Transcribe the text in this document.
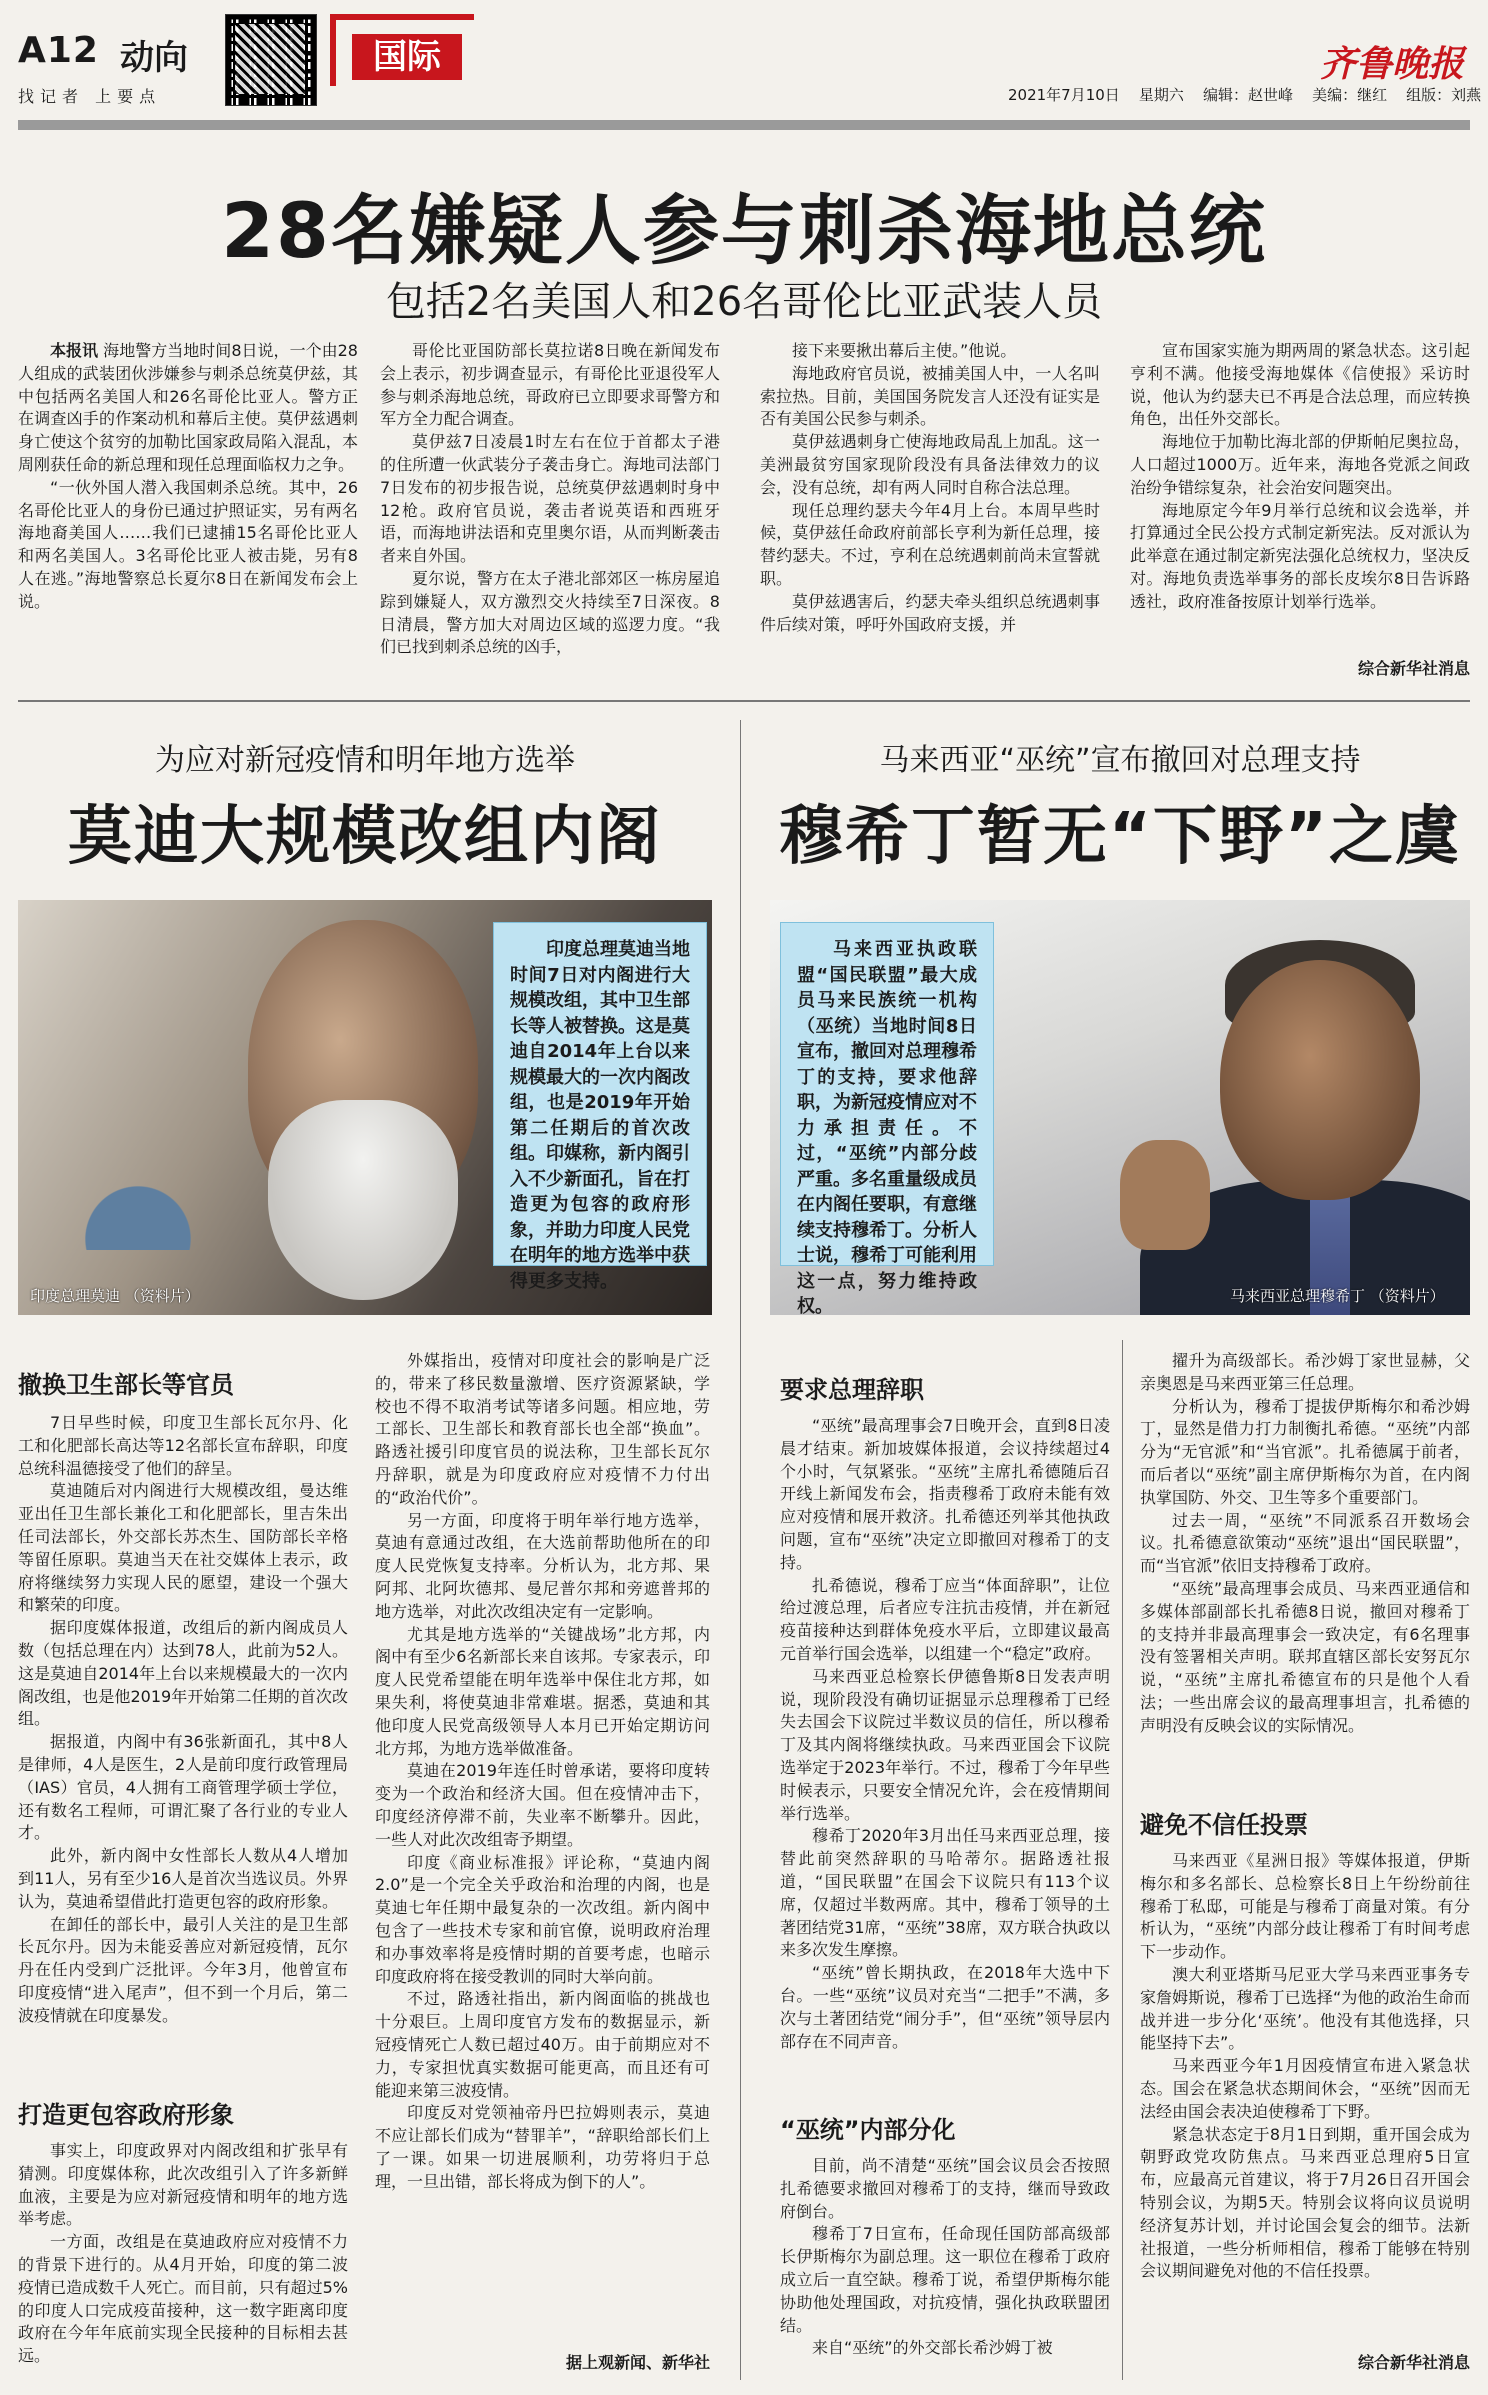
A12 动向
找记者 上要点
国际	齐鲁晚报
2021年7月10日 星期六 编辑：赵世峰 美编：继红 组版：刘燕
28名嫌疑人参与刺杀海地总统
包括2名美国人和26名哥伦比亚武装人员

本报讯 海地警方当地时间8日说，一个由28人组成的武装团伙涉嫌参与刺杀总统莫伊兹，其中包括两名美国人和26名哥伦比亚人。警方正在调查凶手的作案动机和幕后主使。莫伊兹遇刺身亡使这个贫穷的加勒比国家政局陷入混乱，本周刚获任命的新总理和现任总理面临权力之争。

“一伙外国人潜入我国刺杀总统。其中，26名哥伦比亚人的身份已通过护照证实，另有两名海地裔美国人……我们已逮捕15名哥伦比亚人和两名美国人。3名哥伦比亚人被击毙，另有8人在逃。”海地警察总长夏尔8日在新闻发布会上说。

哥伦比亚国防部长莫拉诺8日晚在新闻发布会上表示，初步调查显示，有哥伦比亚退役军人参与刺杀海地总统，哥政府已立即要求哥警方和军方全力配合调查。

莫伊兹7日凌晨1时左右在位于首都太子港的住所遭一伙武装分子袭击身亡。海地司法部门7日发布的初步报告说，总统莫伊兹遇刺时身中12枪。政府官员说，袭击者说英语和西班牙语，而海地讲法语和克里奥尔语，从而判断袭击者来自外国。

夏尔说，警方在太子港北部郊区一栋房屋追踪到嫌疑人，双方激烈交火持续至7日深夜。8日清晨，警方加大对周边区域的巡逻力度。“我们已找到刺杀总统的凶手，

接下来要揪出幕后主使。”他说。

海地政府官员说，被捕美国人中，一人名叫索拉热。目前，美国国务院发言人还没有证实是否有美国公民参与刺杀。

莫伊兹遇刺身亡使海地政局乱上加乱。这一美洲最贫穷国家现阶段没有具备法律效力的议会，没有总统，却有两人同时自称合法总理。

现任总理约瑟夫今年4月上台。本周早些时候，莫伊兹任命政府前部长亨利为新任总理，接替约瑟夫。不过，亨利在总统遇刺前尚未宣誓就职。

莫伊兹遇害后，约瑟夫牵头组织总统遇刺事件后续对策，呼吁外国政府支援，并

宣布国家实施为期两周的紧急状态。这引起亨利不满。他接受海地媒体《信使报》采访时说，他认为约瑟夫已不再是合法总理，而应转换角色，出任外交部长。

海地位于加勒比海北部的伊斯帕尼奥拉岛，人口超过1000万。近年来，海地各党派之间政治纷争错综复杂，社会治安问题突出。

海地原定今年9月举行总统和议会选举，并打算通过全民公投方式制定新宪法。反对派认为此举意在通过制定新宪法强化总统权力，坚决反对。海地负责选举事务的部长皮埃尔8日告诉路透社，政府准备按原计划举行选举。

综合新华社消息
为应对新冠疫情和明年地方选举
莫迪大规模改组内阁
印度总理莫迪 （资料片）

印度总理莫迪当地时间7日对内阁进行大规模改组，其中卫生部长等人被替换。这是莫迪自2014年上台以来规模最大的一次内阁改组，也是2019年开始第二任期后的首次改组。印媒称，新内阁引入不少新面孔，旨在打造更为包容的政府形象，并助力印度人民党在明年的地方选举中获得更多支持。

撤换卫生部长等官员

7日早些时候，印度卫生部长瓦尔丹、化工和化肥部长高达等12名部长宣布辞职，印度总统科温德接受了他们的辞呈。

莫迪随后对内阁进行大规模改组，曼达维亚出任卫生部长兼化工和化肥部长，里吉朱出任司法部长，外交部长苏杰生、国防部长辛格等留任原职。莫迪当天在社交媒体上表示，政府将继续努力实现人民的愿望，建设一个强大和繁荣的印度。

据印度媒体报道，改组后的新内阁成员人数（包括总理在内）达到78人，此前为52人。这是莫迪自2014年上台以来规模最大的一次内阁改组，也是他2019年开始第二任期的首次改组。

据报道，内阁中有36张新面孔，其中8人是律师，4人是医生，2人是前印度行政管理局（IAS）官员，4人拥有工商管理学硕士学位，还有数名工程师，可谓汇聚了各行业的专业人才。

此外，新内阁中女性部长人数从4人增加到11人，另有至少16人是首次当选议员。外界认为，莫迪希望借此打造更包容的政府形象。

在卸任的部长中，最引人关注的是卫生部长瓦尔丹。因为未能妥善应对新冠疫情，瓦尔丹在任内受到广泛批评。今年3月，他曾宣布印度疫情“进入尾声”，但不到一个月后，第二波疫情就在印度暴发。

打造更包容政府形象

事实上，印度政界对内阁改组和扩张早有猜测。印度媒体称，此次改组引入了许多新鲜血液，主要是为应对新冠疫情和明年的地方选举考虑。

一方面，改组是在莫迪政府应对疫情不力的背景下进行的。从4月开始，印度的第二波疫情已造成数千人死亡。而目前，只有超过5%的印度人口完成疫苗接种，这一数字距离印度政府在今年年底前实现全民接种的目标相去甚远。

外媒指出，疫情对印度社会的影响是广泛的，带来了移民数量激增、医疗资源紧缺，学校也不得不取消考试等诸多问题。相应地，劳工部长、卫生部长和教育部长也全部“换血”。路透社援引印度官员的说法称，卫生部长瓦尔丹辞职，就是为印度政府应对疫情不力付出的“政治代价”。

另一方面，印度将于明年举行地方选举，莫迪有意通过改组，在大选前帮助他所在的印度人民党恢复支持率。分析认为，北方邦、果阿邦、北阿坎德邦、曼尼普尔邦和旁遮普邦的地方选举，对此次改组决定有一定影响。

尤其是地方选举的“关键战场”北方邦，内阁中有至少6名新部长来自该邦。专家表示，印度人民党希望能在明年选举中保住北方邦，如果失利，将使莫迪非常难堪。据悉，莫迪和其他印度人民党高级领导人本月已开始定期访问北方邦，为地方选举做准备。

莫迪在2019年连任时曾承诺，要将印度转变为一个政治和经济大国。但在疫情冲击下，印度经济停滞不前，失业率不断攀升。因此，一些人对此次改组寄予期望。

印度《商业标准报》评论称，“莫迪内阁2.0”是一个完全关乎政治和治理的内阁，也是莫迪七年任期中最复杂的一次改组。新内阁中包含了一些技术专家和前官僚，说明政府治理和办事效率将是疫情时期的首要考虑，也暗示印度政府将在接受教训的同时大举向前。

不过，路透社指出，新内阁面临的挑战也十分艰巨。上周印度官方发布的数据显示，新冠疫情死亡人数已超过40万。由于前期应对不力，专家担忧真实数据可能更高，而且还有可能迎来第三波疫情。

印度反对党领袖帝丹巴拉姆则表示，莫迪不应让部长们成为“替罪羊”，“辞职给部长们上了一课。如果一切进展顺利，功劳将归于总理，一旦出错，部长将成为倒下的人”。

据上观新闻、新华社
马来西亚“巫统”宣布撤回对总理支持
穆希丁暂无“下野”之虞
马来西亚总理穆希丁 （资料片）

马来西亚执政联盟“国民联盟”最大成员马来民族统一机构（巫统）当地时间8日宣布，撤回对总理穆希丁的支持，要求他辞职，为新冠疫情应对不力承担责任。不过，“巫统”内部分歧严重。多名重量级成员在内阁任要职，有意继续支持穆希丁。分析人士说，穆希丁可能利用这一点，努力维持政权。

要求总理辞职

“巫统”最高理事会7日晚开会，直到8日凌晨才结束。新加坡媒体报道，会议持续超过4个小时，气氛紧张。“巫统”主席扎希德随后召开线上新闻发布会，指责穆希丁政府未能有效应对疫情和展开救济。扎希德还列举其他执政问题，宣布“巫统”决定立即撤回对穆希丁的支持。

扎希德说，穆希丁应当“体面辞职”，让位给过渡总理，后者应专注抗击疫情，并在新冠疫苗接种达到群体免疫水平后，立即建议最高元首举行国会选举，以组建一个“稳定”政府。

马来西亚总检察长伊德鲁斯8日发表声明说，现阶段没有确切证据显示总理穆希丁已经失去国会下议院过半数议员的信任，所以穆希丁及其内阁将继续执政。马来西亚国会下议院选举定于2023年举行。不过，穆希丁今年早些时候表示，只要安全情况允许，会在疫情期间举行选举。

穆希丁2020年3月出任马来西亚总理，接替此前突然辞职的马哈蒂尔。据路透社报道，“国民联盟”在国会下议院只有113个议席，仅超过半数两席。其中，穆希丁领导的土著团结党31席，“巫统”38席，双方联合执政以来多次发生摩擦。

“巫统”曾长期执政，在2018年大选中下台。一些“巫统”议员对充当“二把手”不满，多次与土著团结党“闹分手”，但“巫统”领导层内部存在不同声音。

“巫统”内部分化

目前，尚不清楚“巫统”国会议员会否按照扎希德要求撤回对穆希丁的支持，继而导致政府倒台。

穆希丁7日宣布，任命现任国防部高级部长伊斯梅尔为副总理。这一职位在穆希丁政府成立后一直空缺。穆希丁说，希望伊斯梅尔能协助他处理国政，对抗疫情，强化执政联盟团结。

来自“巫统”的外交部长希沙姆丁被

擢升为高级部长。希沙姆丁家世显赫，父亲奥恩是马来西亚第三任总理。

分析认为，穆希丁提拔伊斯梅尔和希沙姆丁，显然是借力打力制衡扎希德。“巫统”内部分为“无官派”和“当官派”。扎希德属于前者，而后者以“巫统”副主席伊斯梅尔为首，在内阁执掌国防、外交、卫生等多个重要部门。

过去一周，“巫统”不同派系召开数场会议。扎希德意欲策动“巫统”退出“国民联盟”，而“当官派”依旧支持穆希丁政府。

“巫统”最高理事会成员、马来西亚通信和多媒体部副部长扎希德8日说，撤回对穆希丁的支持并非最高理事会一致决定，有6名理事没有签署相关声明。联邦直辖区部长安努瓦尔说，“巫统”主席扎希德宣布的只是他个人看法；一些出席会议的最高理事坦言，扎希德的声明没有反映会议的实际情况。

避免不信任投票

马来西亚《星洲日报》等媒体报道，伊斯梅尔和多名部长、总检察长8日上午纷纷前往穆希丁私邸，可能是与穆希丁商量对策。有分析认为，“巫统”内部分歧让穆希丁有时间考虑下一步动作。

澳大利亚塔斯马尼亚大学马来西亚事务专家詹姆斯说，穆希丁已选择“为他的政治生命而战并进一步分化‘巫统’。他没有其他选择，只能坚持下去”。

马来西亚今年1月因疫情宣布进入紧急状态。国会在紧急状态期间休会，“巫统”因而无法经由国会表决迫使穆希丁下野。

紧急状态定于8月1日到期，重开国会成为朝野政党攻防焦点。马来西亚总理府5日宣布，应最高元首建议，将于7月26日召开国会特别会议，为期5天。特别会议将向议员说明经济复苏计划，并讨论国会复会的细节。法新社报道，一些分析师相信，穆希丁能够在特别会议期间避免对他的不信任投票。

综合新华社消息
